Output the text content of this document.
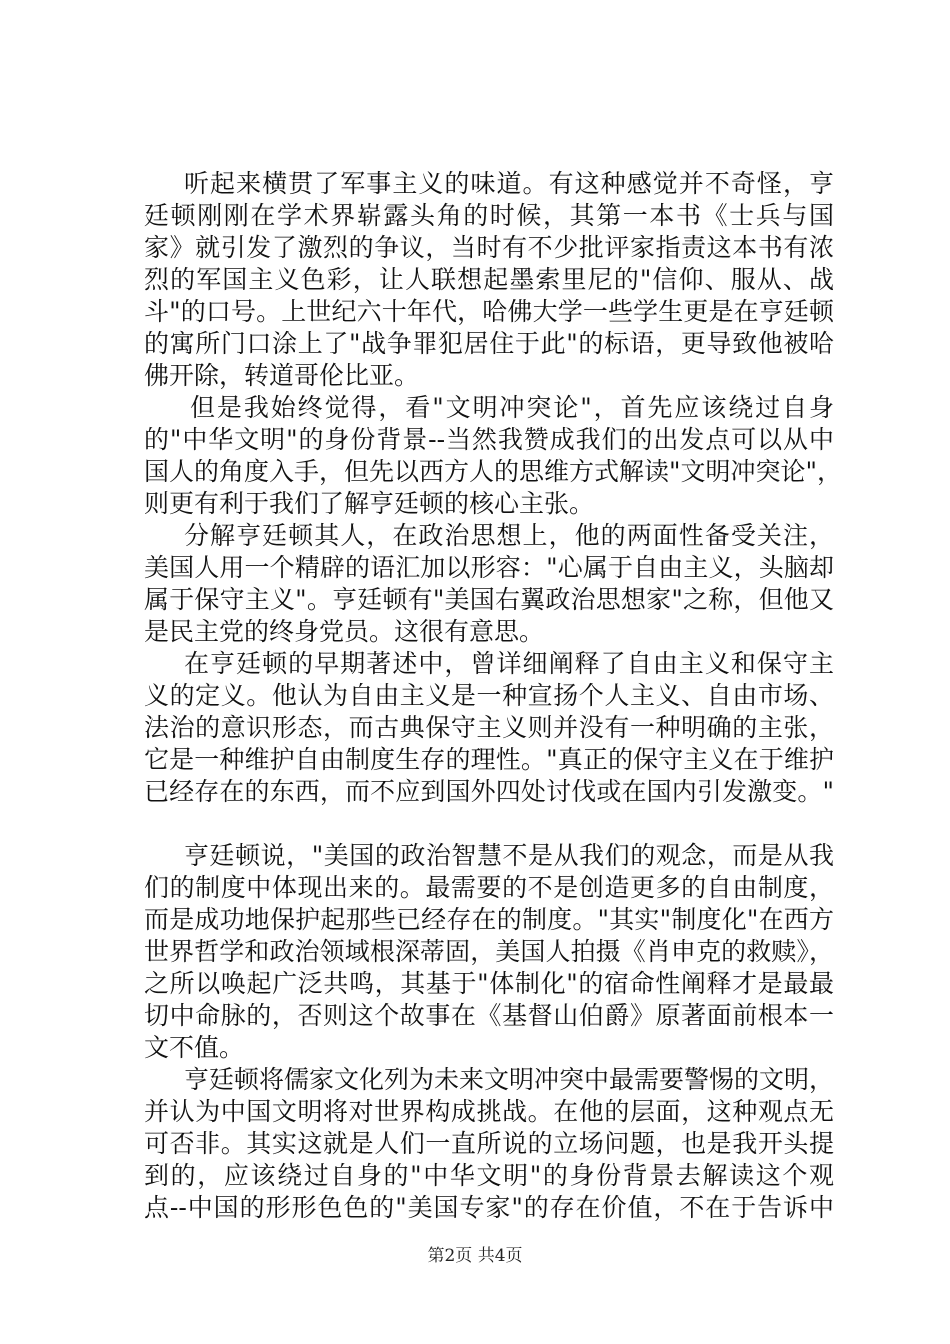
听起来横贯了军事主义的味道。有这种感觉并不奇怪，亨
廷顿刚刚在学术界崭露头角的时候，其第一本书《士兵与国
家》就引发了激烈的争议，当时有不少批评家指责这本书有浓
烈的军国主义色彩，让人联想起墨索里尼的"信仰、服从、战
斗"的口号。上世纪六十年代，哈佛大学一些学生更是在亨廷顿
的寓所门口涂上了"战争罪犯居住于此"的标语，更导致他被哈
佛开除，转道哥伦比亚。
但是我始终觉得，看"文明冲突论"，首先应该绕过自身
的"中华文明"的身份背景--当然我赞成我们的出发点可以从中
国人的角度入手，但先以西方人的思维方式解读"文明冲突论"，
则更有利于我们了解亨廷顿的核心主张。
分解亨廷顿其人，在政治思想上，他的两面性备受关注，
美国人用一个精辟的语汇加以形容："心属于自由主义，头脑却
属于保守主义"。亨廷顿有"美国右翼政治思想家"之称，但他又
是民主党的终身党员。这很有意思。
在亨廷顿的早期著述中，曾详细阐释了自由主义和保守主
义的定义。他认为自由主义是一种宣扬个人主义、自由市场、
法治的意识形态，而古典保守主义则并没有一种明确的主张，
它是一种维护自由制度生存的理性。"真正的保守主义在于维护
已经存在的东西，而不应到国外四处讨伐或在国内引发激变。"
亨廷顿说，"美国的政治智慧不是从我们的观念，而是从我
们的制度中体现出来的。最需要的不是创造更多的自由制度，
而是成功地保护起那些已经存在的制度。"其实"制度化"在西方
世界哲学和政治领域根深蒂固，美国人拍摄《肖申克的救赎》，
之所以唤起广泛共鸣，其基于"体制化"的宿命性阐释才是最最
切中命脉的，否则这个故事在《基督山伯爵》原著面前根本一
文不值。
亨廷顿将儒家文化列为未来文明冲突中最需要警惕的文明，
并认为中国文明将对世界构成挑战。在他的层面，这种观点无
可否非。其实这就是人们一直所说的立场问题，也是我开头提
到的，应该绕过自身的"中华文明"的身份背景去解读这个观
点--中国的形形色色的"美国专家"的存在价值，不在于告诉中
第2页 共4页
